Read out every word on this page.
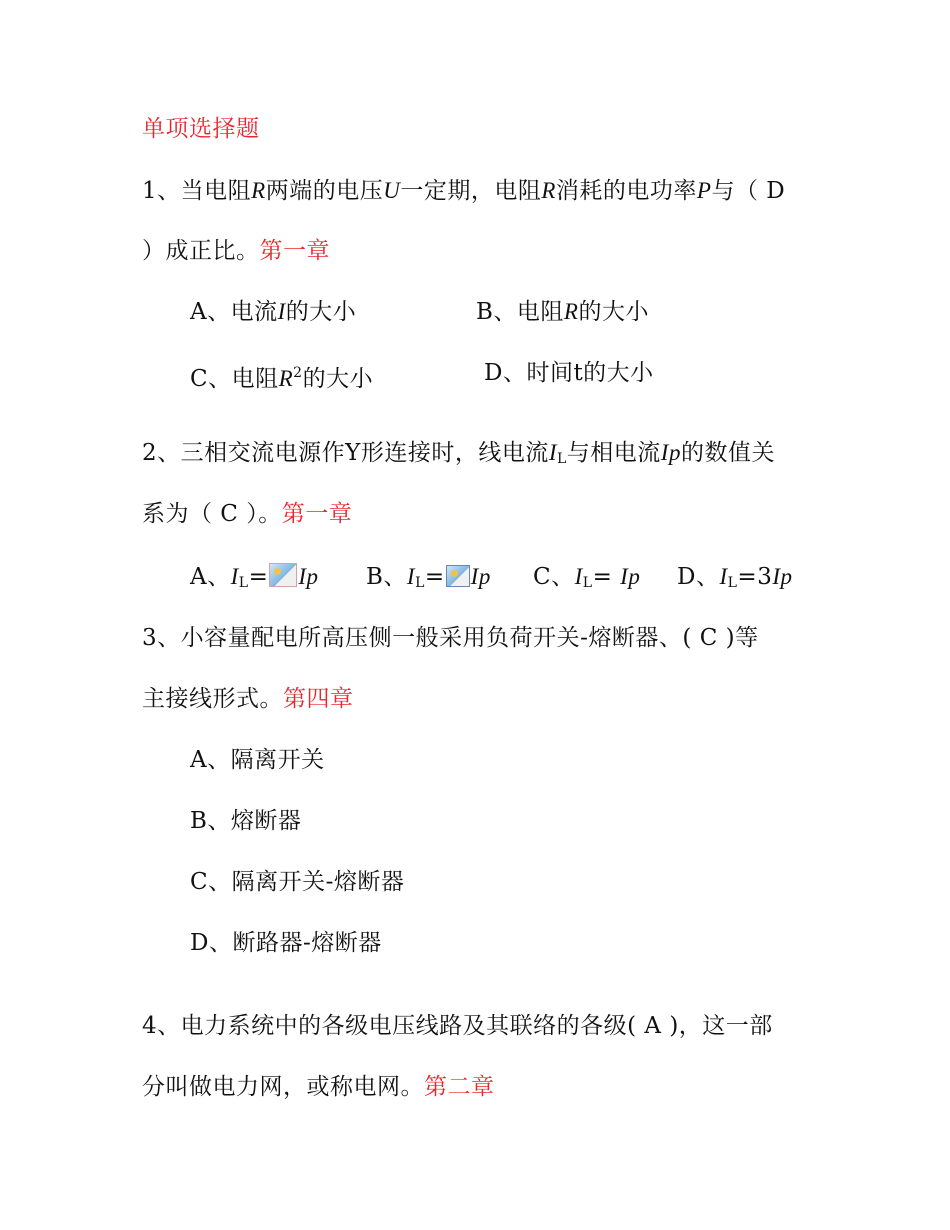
单项选择题
1、当电阻R两端的电压U一定期，电阻R消耗的电功率P与（ D
）成正比。第一章
A、电流I的大小	B、电阻R的大小
C、电阻$R^2$的大小	D、时间t的大小
2、三相交流电源作Y形连接时，线电流$I_L$与相电流Ip的数值关
系为（ C ）。第一章
A、$I_L= Ip$ B、$I_L= Ip$ C、$I_L= Ip$ D、$I_L=3Ip$
3、小容量配电所高压侧一般采用负荷开关-熔断器、( C )等
主接线形式。第四章
A、隔离开关
B、熔断器
C、隔离开关-熔断器
D、断路器-熔断器
4、电力系统中的各级电压线路及其联络的各级( A )，这一部
分叫做电力网，或称电网。第二章
